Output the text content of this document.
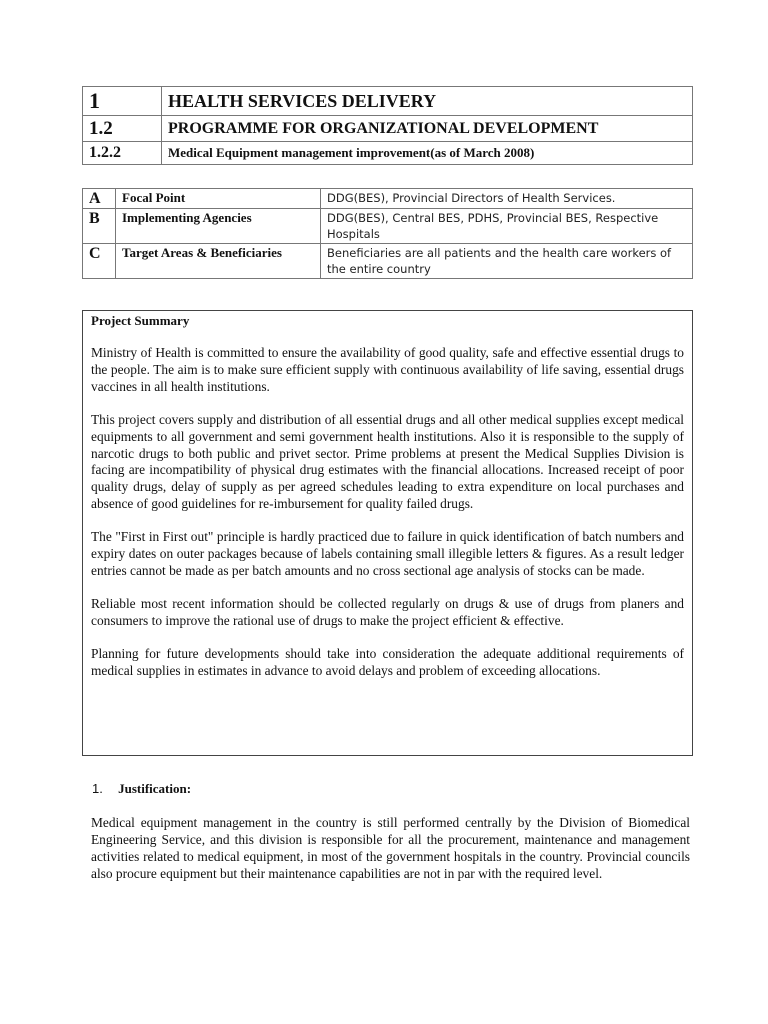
1	HEALTH SERVICES DELIVERY
1.2	PROGRAMME FOR ORGANIZATIONAL DEVELOPMENT
1.2.2	Medical Equipment management improvement(as of March 2008)
A	Focal Point	DDG(BES), Provincial Directors of Health Services.
B	Implementing Agencies	DDG(BES), Central BES, PDHS, Provincial BES, Respective Hospitals
C	Target Areas & Beneficiaries	Beneficiaries are all patients and the health care workers of the entire country
Project Summary

Ministry of Health is committed to ensure the availability of good quality, safe and effective essential drugs to the people. The aim is to make sure efficient supply with continuous availability of life saving, essential drugs vaccines in all health institutions.

This project covers supply and distribution of all essential drugs and all other medical supplies except medical equipments to all government and semi government health institutions. Also it is responsible to the supply of narcotic drugs to both public and privet sector. Prime problems at present the Medical Supplies Division is facing are incompatibility of physical drug estimates with the financial allocations. Increased receipt of poor quality drugs, delay of supply as per agreed schedules leading to extra expenditure on local purchases and absence of good guidelines for re-imbursement for quality failed drugs.

The "First in First out" principle is hardly practiced due to failure in quick identification of batch numbers and expiry dates on outer packages because of labels containing small illegible letters & figures. As a result ledger entries cannot be made as per batch amounts and no cross sectional age analysis of stocks can be made.

Reliable most recent information should be collected regularly on drugs & use of drugs from planers and consumers to improve the rational use of drugs to make the project efficient & effective.

Planning for future developments should take into consideration the adequate additional requirements of medical supplies in estimates in advance to avoid delays and problem of exceeding allocations.

1. Justification:

Medical equipment management in the country is still performed centrally by the Division of Biomedical Engineering Service, and this division is responsible for all the procurement, maintenance and management activities related to medical equipment, in most of the government hospitals in the country. Provincial councils also procure equipment but their maintenance capabilities are not in par with the required level.
